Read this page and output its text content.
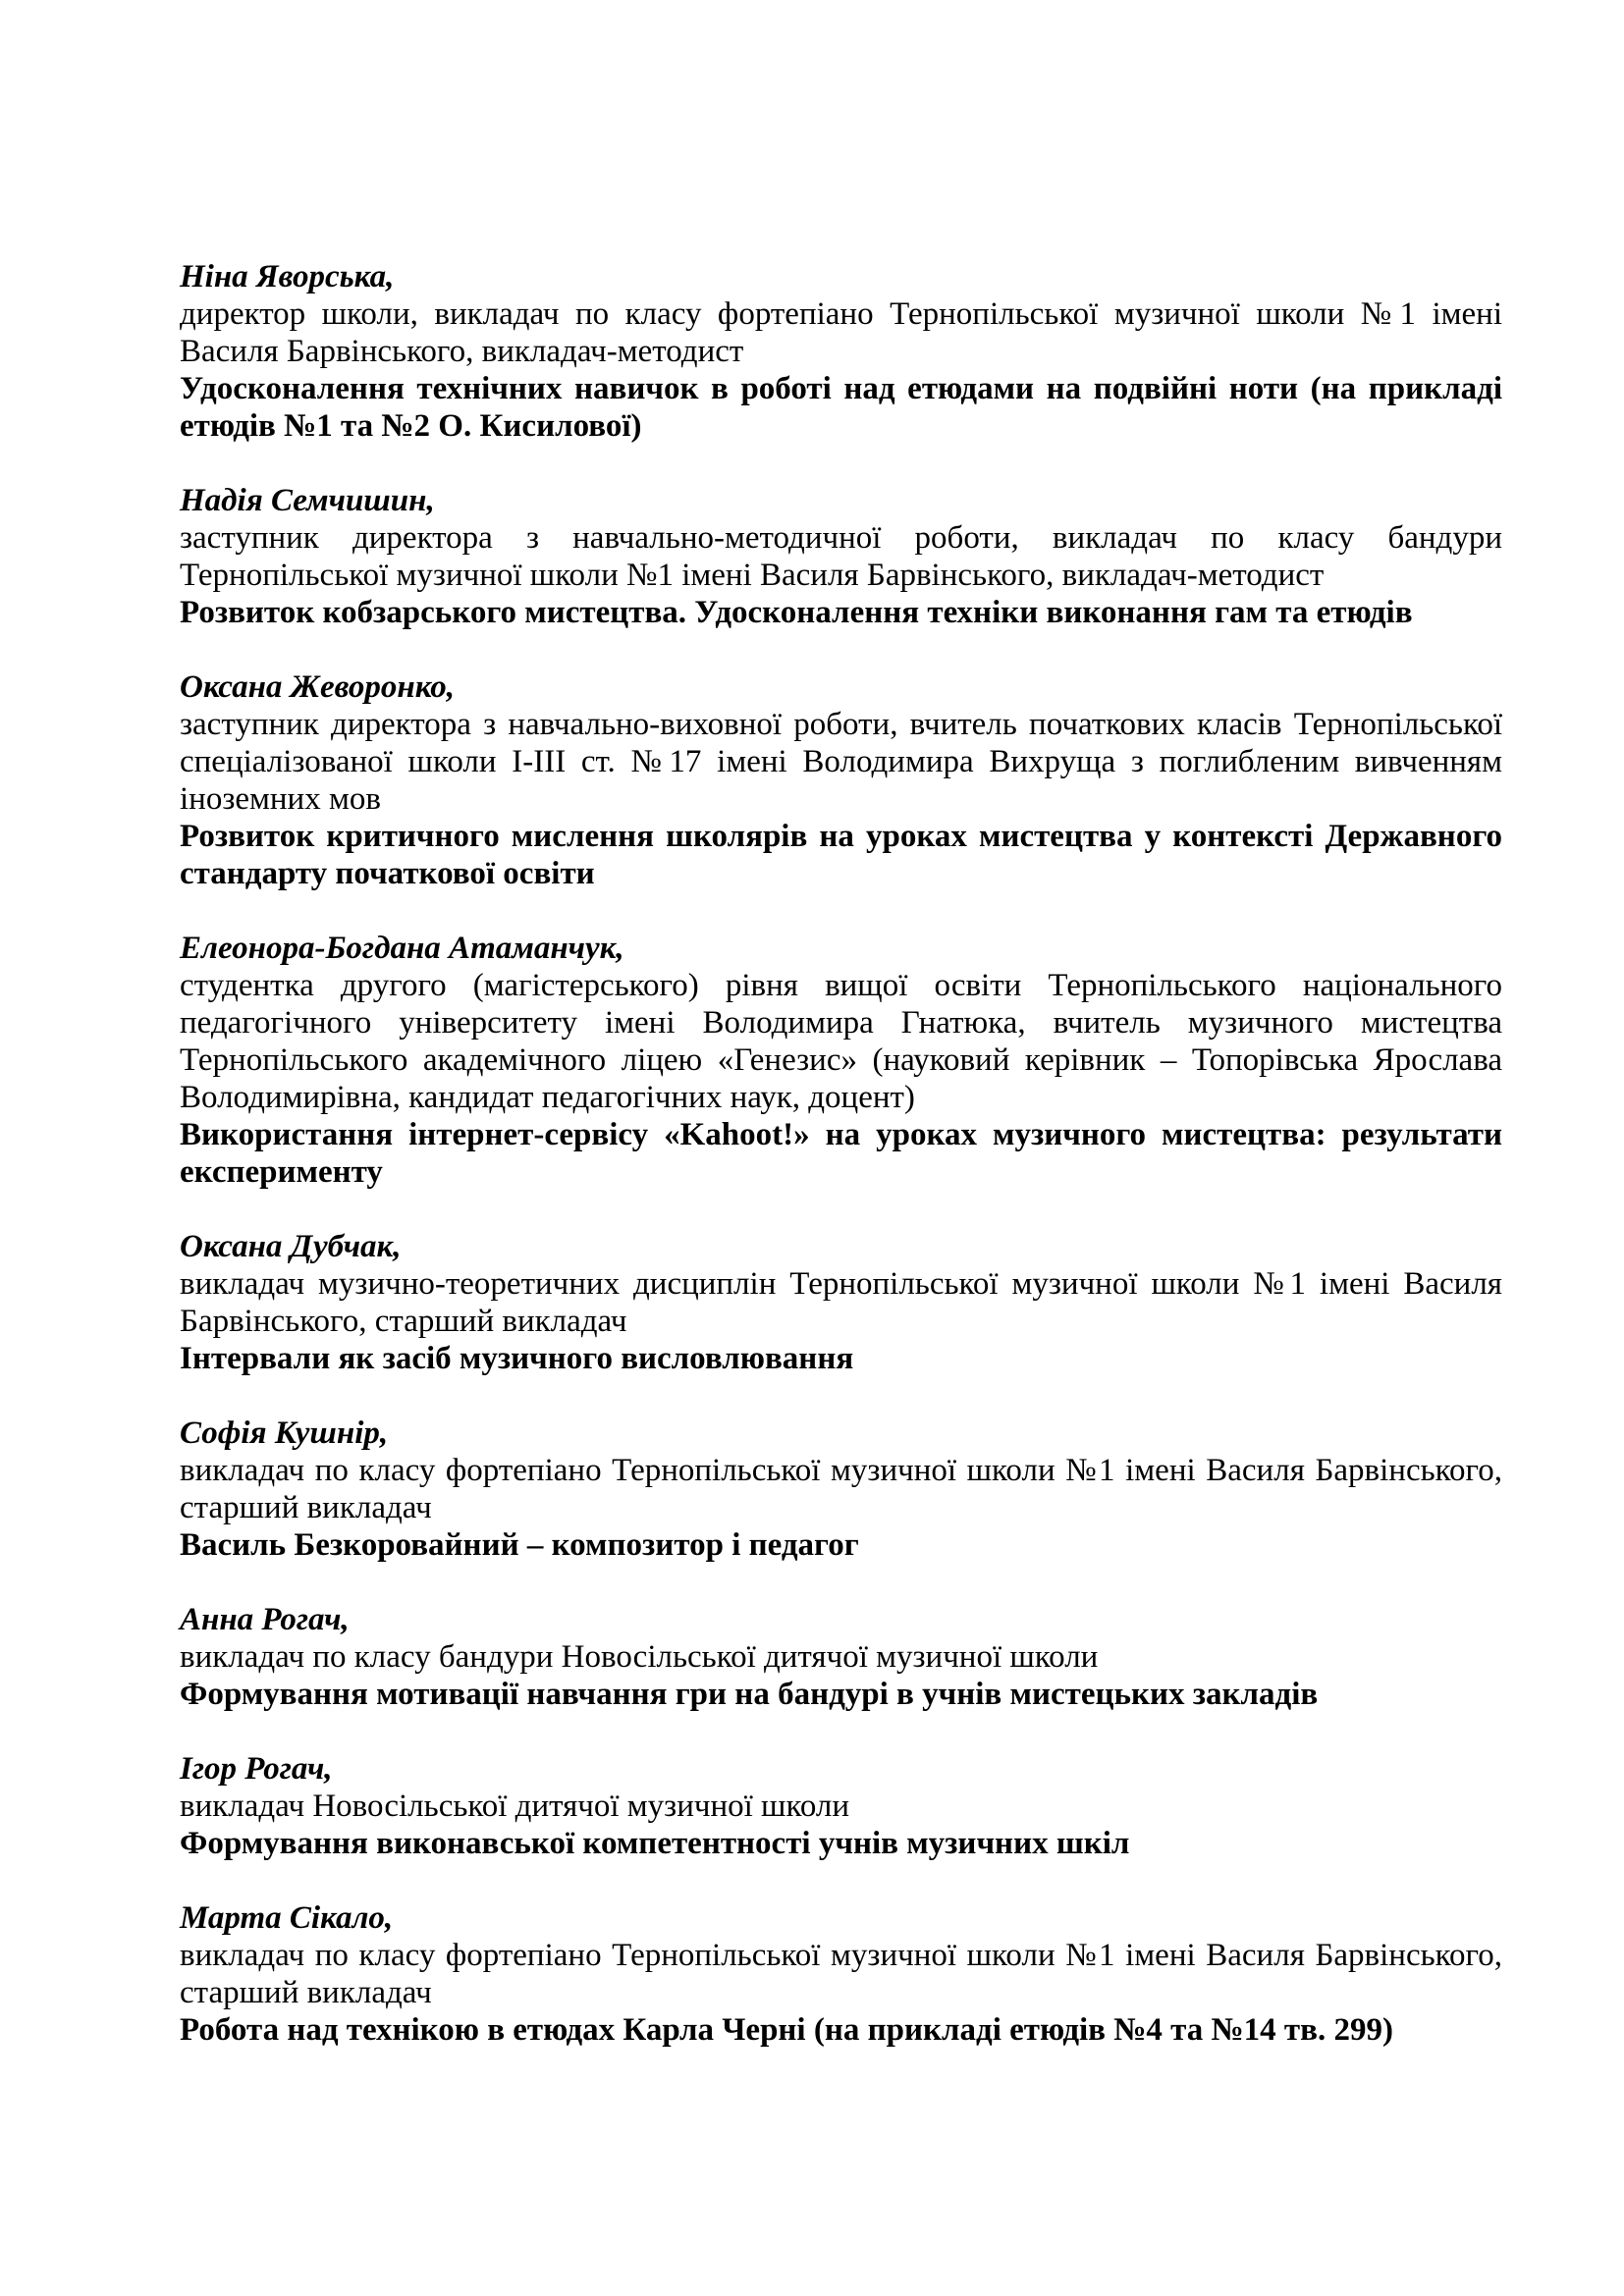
Ніна Яворська,

директор школи, викладач по класу фортепіано Тернопільської музичної школи №1 імені Василя Барвінського, викладач-методист

Удосконалення технічних навичок в роботі над етюдами на подвійні ноти (на прикладі етюдів №1 та №2 О. Кисилової)

Надія Семчишин,

заступник директора з навчально-методичної роботи, викладач по класу бандури Тернопільської музичної школи №1 імені Василя Барвінського, викладач-методист

Розвиток кобзарського мистецтва. Удосконалення техніки виконання гам та етюдів

Оксана Жеворонко,

заступник директора з навчально-виховної роботи, вчитель початкових класів Тернопільської спеціалізованої школи І-ІІІ ст. №17 імені Володимира Вихруща з поглибленим вивченням іноземних мов

Розвиток критичного мислення школярів на уроках мистецтва у контексті Державного стандарту початкової освіти

Елеонора-Богдана Атаманчук,

студентка другого (магістерського) рівня вищої освіти Тернопільського національного педагогічного університету імені Володимира Гнатюка, вчитель музичного мистецтва Тернопільського академічного ліцею «Генезис» (науковий керівник – Топорівська Ярослава Володимирівна, кандидат педагогічних наук, доцент)

Використання інтернет-сервісу «Kahoot!» на уроках музичного мистецтва: результати експерименту

Оксана Дубчак,

викладач музично-теоретичних дисциплін Тернопільської музичної школи №1 імені Василя Барвінського, старший викладач

Інтервали як засіб музичного висловлювання

Софія Кушнір,

викладач по класу фортепіано Тернопільської музичної школи №1 імені Василя Барвінського, старший викладач

Василь Безкоровайний – композитор і педагог

Анна Рогач,

викладач по класу бандури Новосільської дитячої музичної школи

Формування мотивації навчання гри на бандурі в учнів мистецьких закладів

Ігор Рогач,

викладач Новосільської дитячої музичної школи

Формування виконавської компетентності учнів музичних шкіл

Марта Сікало,

викладач по класу фортепіано Тернопільської музичної школи №1 імені Василя Барвінського, старший викладач

Робота над технікою в етюдах Карла Черні (на прикладі етюдів №4 та №14 тв. 299)
